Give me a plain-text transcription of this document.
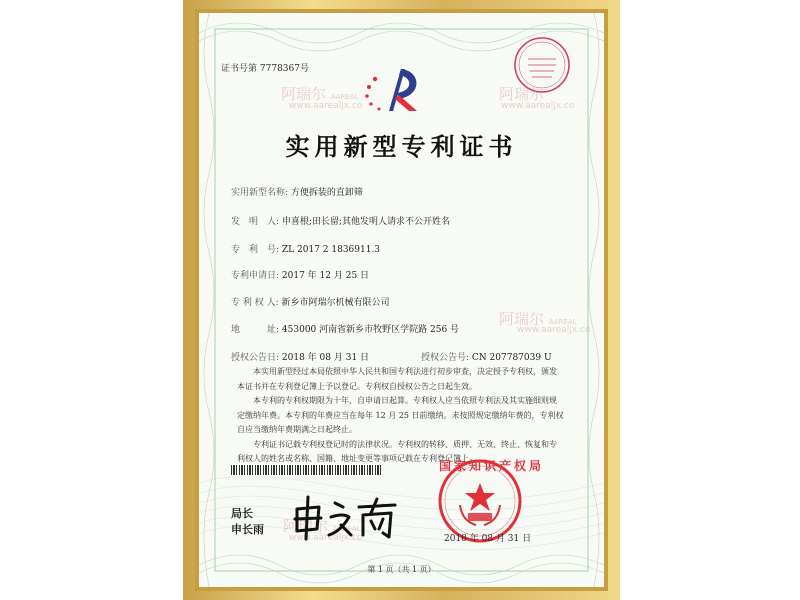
阿瑞尔 AAREAL
www.aarealjx.co
阿瑞尔
www.aarealjx.co
阿瑞尔 AAREAL
www.aarealjx.co
阿瑞尔 AAREAL
www.aarealjx.co
证书号第 7778367号
实用新型专利证书
实用新型名称: 方便拆装的直卸筛
发　明　人: 申喜根;田长留;其他发明人请求不公开姓名
专　利　号: ZL 2017 2 1836911.3
专利申请日: 2017 年 12 月 25 日
专 利 权 人: 新乡市阿瑞尔机械有限公司
地　　　址: 453000 河南省新乡市牧野区学院路 256 号
授权公告日: 2018 年 08 月 31 日	授权公告号: CN 207787039 U
　　本实用新型经过本局依照中华人民共和国专利法进行初步审查，决定授予专利权，颁发
本证书并在专利登记簿上予以登记。专利权自授权公告之日起生效。
　　本专利的专利权期限为十年，自申请日起算。专利权人应当依照专利法及其实施细则规
定缴纳年费。本专利的年费应当在每年 12 月 25 日前缴纳。未按照规定缴纳年费的，专利权
自应当缴纳年费期满之日起终止。
　　专利证书记载专利权登记时的法律状况。专利权的转移、质押、无效、终止、恢复和专
利权人的姓名或名称、国籍、地址变更等事项记载在专利登记簿上。
局长
申长雨
国家知识产权局
2018 年 08 月 31 日
第 1 页（共 1 页）
